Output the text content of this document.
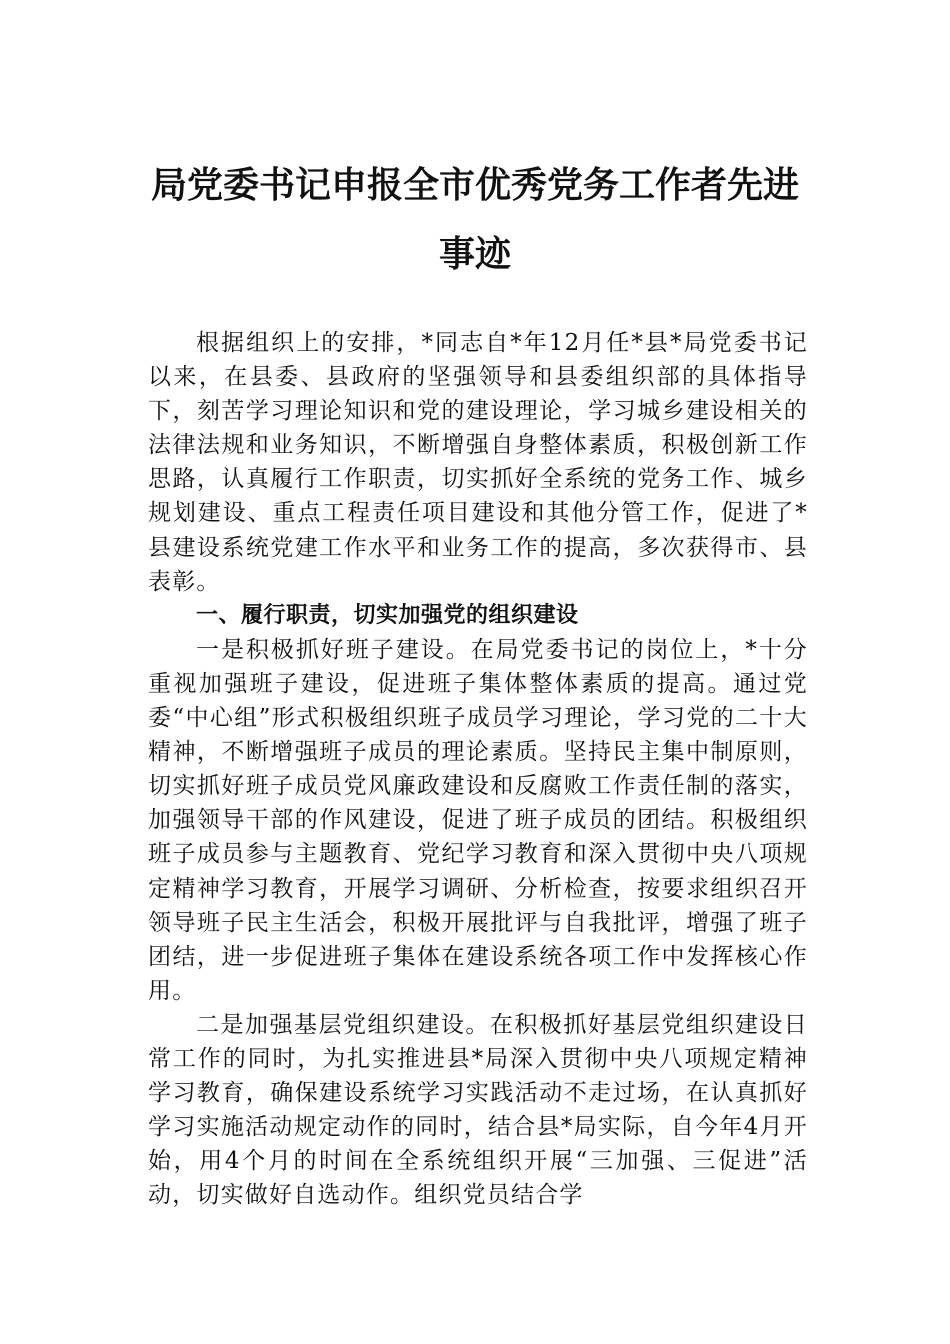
局党委书记申报全市优秀党务工作者先进
事迹

根据组织上的安排，*同志自*年12月任*县*局党委书记以来，在县委、县政府的坚强领导和县委组织部的具体指导下，刻苦学习理论知识和党的建设理论，学习城乡建设相关的法律法规和业务知识，不断增强自身整体素质，积极创新工作思路，认真履行工作职责，切实抓好全系统的党务工作、城乡规划建设、重点工程责任项目建设和其他分管工作，促进了*县建设系统党建工作水平和业务工作的提高，多次获得市、县表彰。

一、履行职责，切实加强党的组织建设

一是积极抓好班子建设。在局党委书记的岗位上，*十分重视加强班子建设，促进班子集体整体素质的提高。通过党委“中心组”形式积极组织班子成员学习理论，学习党的二十大精神，不断增强班子成员的理论素质。坚持民主集中制原则，切实抓好班子成员党风廉政建设和反腐败工作责任制的落实，加强领导干部的作风建设，促进了班子成员的团结。积极组织班子成员参与主题教育、党纪学习教育和深入贯彻中央八项规定精神学习教育，开展学习调研、分析检查，按要求组织召开领导班子民主生活会，积极开展批评与自我批评，增强了班子团结，进一步促进班子集体在建设系统各项工作中发挥核心作用。

二是加强基层党组织建设。在积极抓好基层党组织建设日常工作的同时，为扎实推进县*局深入贯彻中央八项规定精神学习教育，确保建设系统学习实践活动不走过场，在认真抓好学习实施活动规定动作的同时，结合县*局实际，自今年4月开始，用4个月的时间在全系统组织开展“三加强、三促进”活动，切实做好自选动作。组织党员结合学
